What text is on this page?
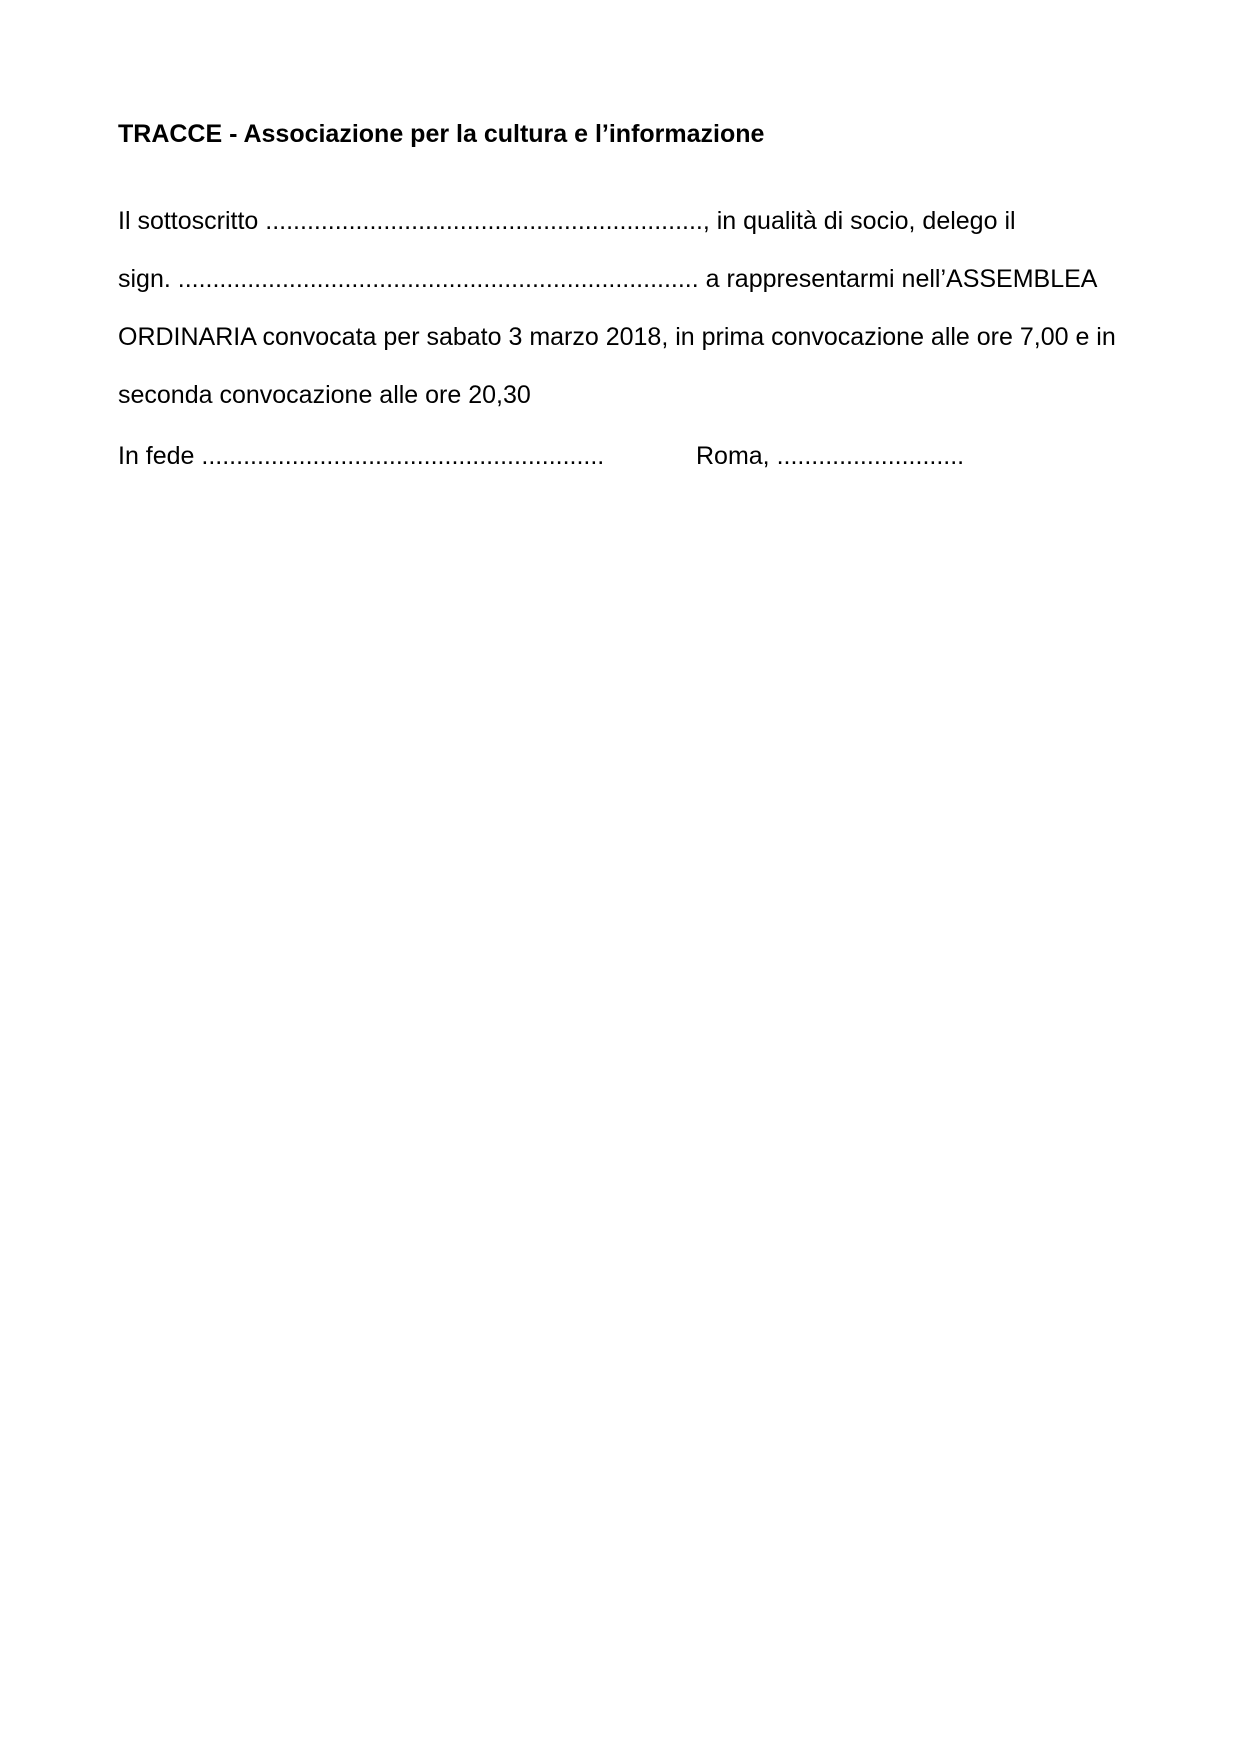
TRACCE - Associazione per la cultura e l’informazione
Il sottoscritto ..............................................................., in qualità di socio, delego il
sign. ........................................................................... a rappresentarmi nell’ASSEMBLEA
ORDINARIA convocata per sabato 3 marzo 2018, in prima convocazione alle ore 7,00 e in
seconda convocazione alle ore 20,30
In fede ..........................................................	Roma, ...........................
